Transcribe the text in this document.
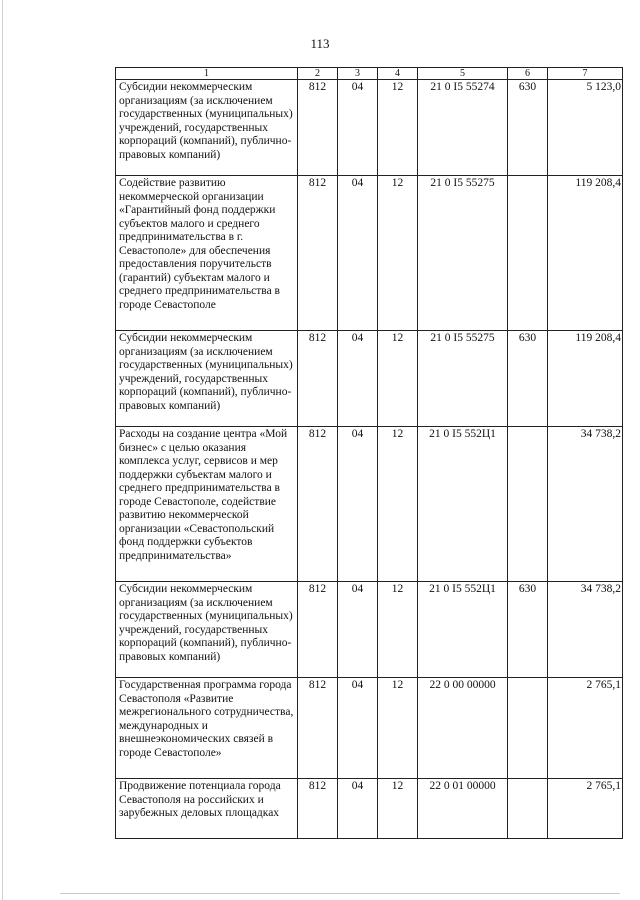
113
1	2	3	4	5	6	7
Субсидии некоммерческим организациям (за исключением государственных (муниципальных) учреждений, государственных корпораций (компаний), публично-правовых компаний)	812	04	12	21 0 I5 55274	630	5 123,0
Содействие развитию некоммерческой организации «Гарантийный фонд поддержки субъектов малого и среднего предпринимательства в г. Севастополе» для обеспечения предоставления поручительств (гарантий) субъектам малого и среднего предпринимательства в городе Севастополе	812	04	12	21 0 I5 55275		119 208,4
Субсидии некоммерческим организациям (за исключением государственных (муниципальных) учреждений, государственных корпораций (компаний), публично-правовых компаний)	812	04	12	21 0 I5 55275	630	119 208,4
Расходы на создание центра «Мой бизнес» с целью оказания комплекса услуг, сервисов и мер поддержки субъектам малого и среднего предпринимательства в городе Севастополе, содействие развитию некоммерческой организации «Севастопольский фонд поддержки субъектов предпринимательства»	812	04	12	21 0 I5 552Ц1		34 738,2
Субсидии некоммерческим организациям (за исключением государственных (муниципальных) учреждений, государственных корпораций (компаний), публично-правовых компаний)	812	04	12	21 0 I5 552Ц1	630	34 738,2
Государственная программа города Севастополя «Развитие межрегионального сотрудничества, международных и внешнеэкономических связей в городе Севастополе»	812	04	12	22 0 00 00000		2 765,1
Продвижение потенциала города Севастополя на российских и зарубежных деловых площадках	812	04	12	22 0 01 00000		2 765,1
